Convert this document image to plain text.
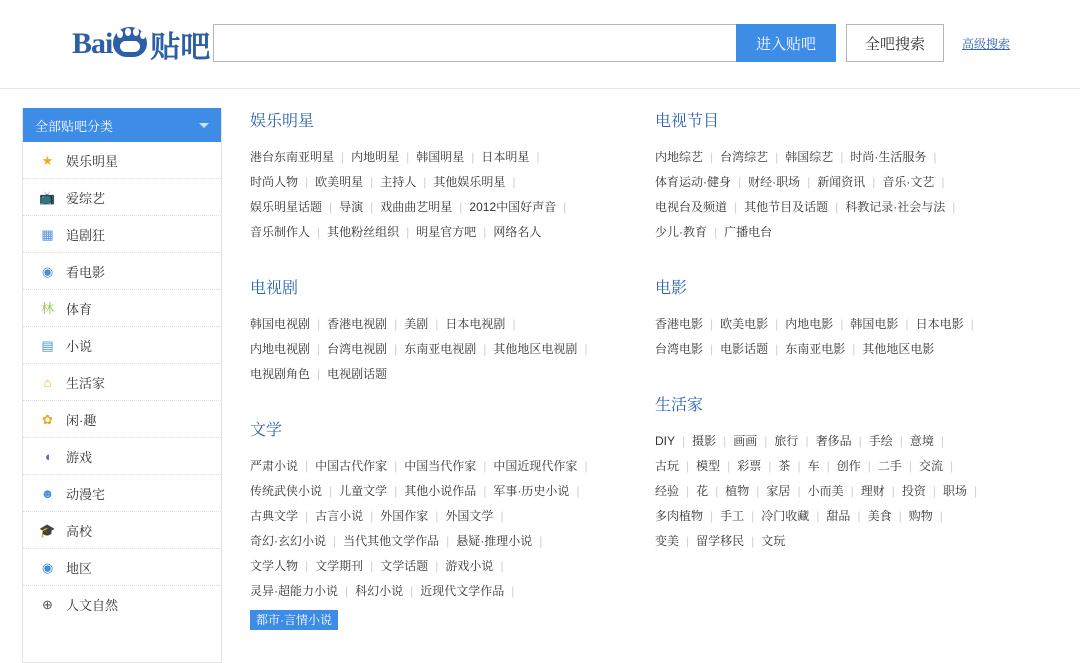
Bai 贴吧	进入贴吧	全吧搜索	高级搜索
全部贴吧分类
★ 娱乐明星
📺 爱综艺
▦ 追剧狂
◉ 看电影
林 体育
▤ 小说
⌂	生活家
✿ 闲·趣
◖	游戏
☻ 动漫宅
🎓 高校
◉ 地区
⊕ 人文自然
娱乐明星
港台东南亚明星 | 内地明星 | 韩国明星 | 日本明星 |
时尚人物 | 欧美明星 | 主持人 | 其他娱乐明星 |
娱乐明星话题 | 导演 | 戏曲曲艺明星 | 2012中国好声音 |
音乐制作人 | 其他粉丝组织 | 明星官方吧 | 网络名人
电视剧
韩国电视剧 | 香港电视剧 | 美剧 | 日本电视剧 |
内地电视剧 | 台湾电视剧 | 东南亚电视剧 | 其他地区电视剧 |
电视剧角色 | 电视剧话题
文学
严肃小说 | 中国古代作家 | 中国当代作家 | 中国近现代作家 |
传统武侠小说 | 儿童文学 | 其他小说作品 | 军事·历史小说 |
古典文学 | 古言小说 | 外国作家 | 外国文学 |
奇幻·玄幻小说 | 当代其他文学作品 | 悬疑·推理小说 |
文学人物 | 文学期刊 | 文学话题 | 游戏小说 |
灵异·超能力小说 | 科幻小说 | 近现代文学作品 |
都市·言情小说
电视节目
内地综艺 | 台湾综艺 | 韩国综艺 | 时尚·生活服务 |
体育运动·健身 | 财经·职场 | 新闻资讯 | 音乐·文艺 |
电视台及频道 | 其他节目及话题 | 科教记录·社会与法 |
少儿·教育 | 广播电台
电影
香港电影 | 欧美电影 | 内地电影 | 韩国电影 | 日本电影 |
台湾电影 | 电影话题 | 东南亚电影 | 其他地区电影
生活家
DIY | 摄影 | 画画 | 旅行 | 奢侈品 | 手绘 | 意境 |
古玩 | 模型 | 彩票 | 茶 | 车 | 创作 | 二手 | 交流 |
经验 | 花 | 植物 | 家居 | 小而美 | 理财 | 投资 | 职场 |
多肉植物 | 手工 | 冷门收藏 | 甜品 | 美食 | 购物 |
变美 | 留学移民 | 文玩
